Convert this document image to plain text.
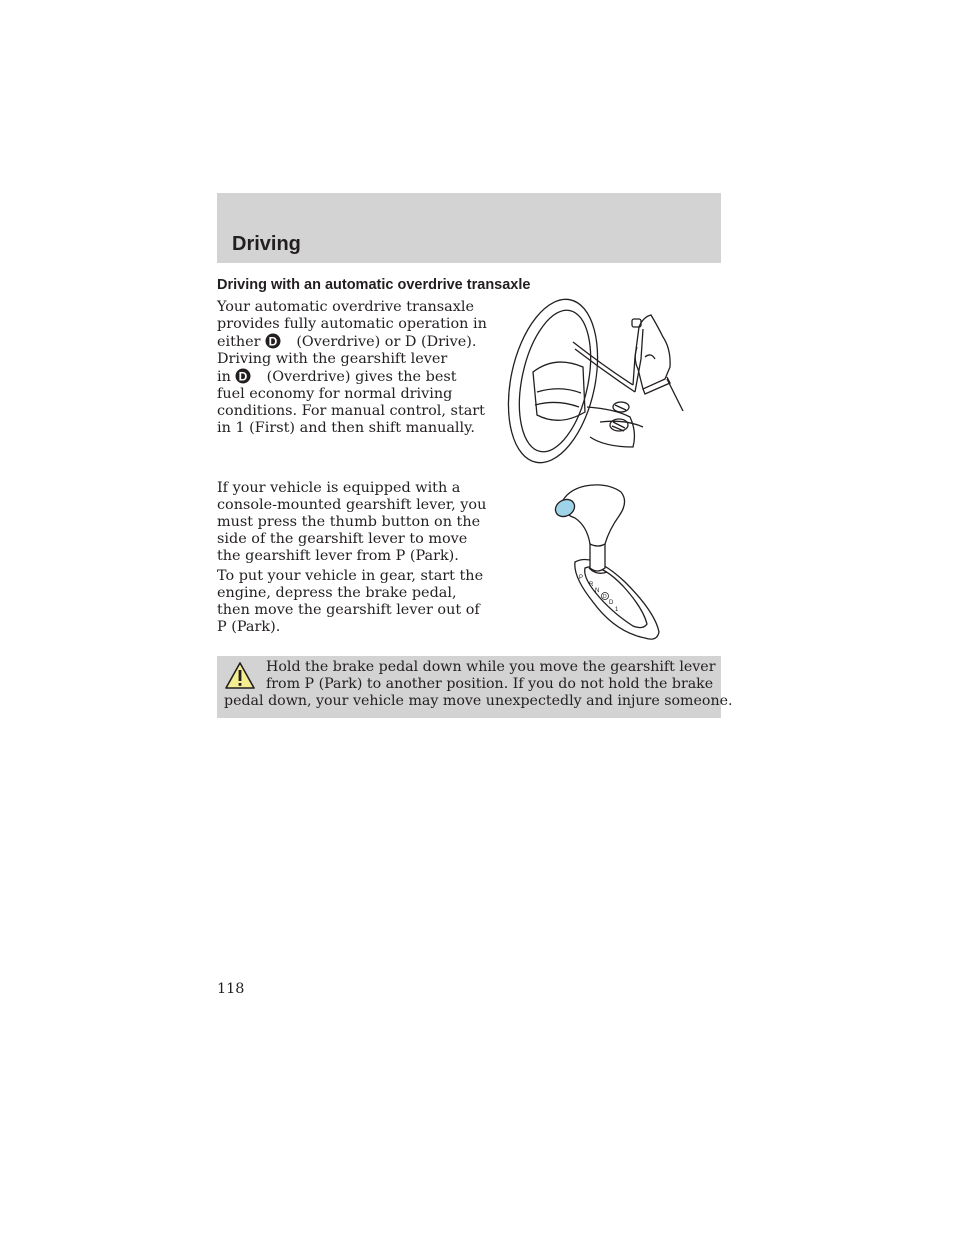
Driving
Driving with an automatic overdrive transaxle

Your automatic overdrive transaxle
provides fully automatic operation in
either D (Overdrive) or D (Drive).
Driving with the gearshift lever
in D (Overdrive) gives the best
fuel economy for normal driving
conditions. For manual control, start
in 1 (First) and then shift manually.

If your vehicle is equipped with a
console-mounted gearshift lever, you
must press the thumb button on the
side of the gearshift lever to move
the gearshift lever from P (Park).

To put your vehicle in gear, start the
engine, depress the brake pedal,
then move the gearshift lever out of
P (Park).

P
R
N
D
D
1

Hold the brake pedal down while you move the gearshift lever
from P (Park) to another position. If you do not hold the brake
pedal down, your vehicle may move unexpectedly and injure someone.

118
